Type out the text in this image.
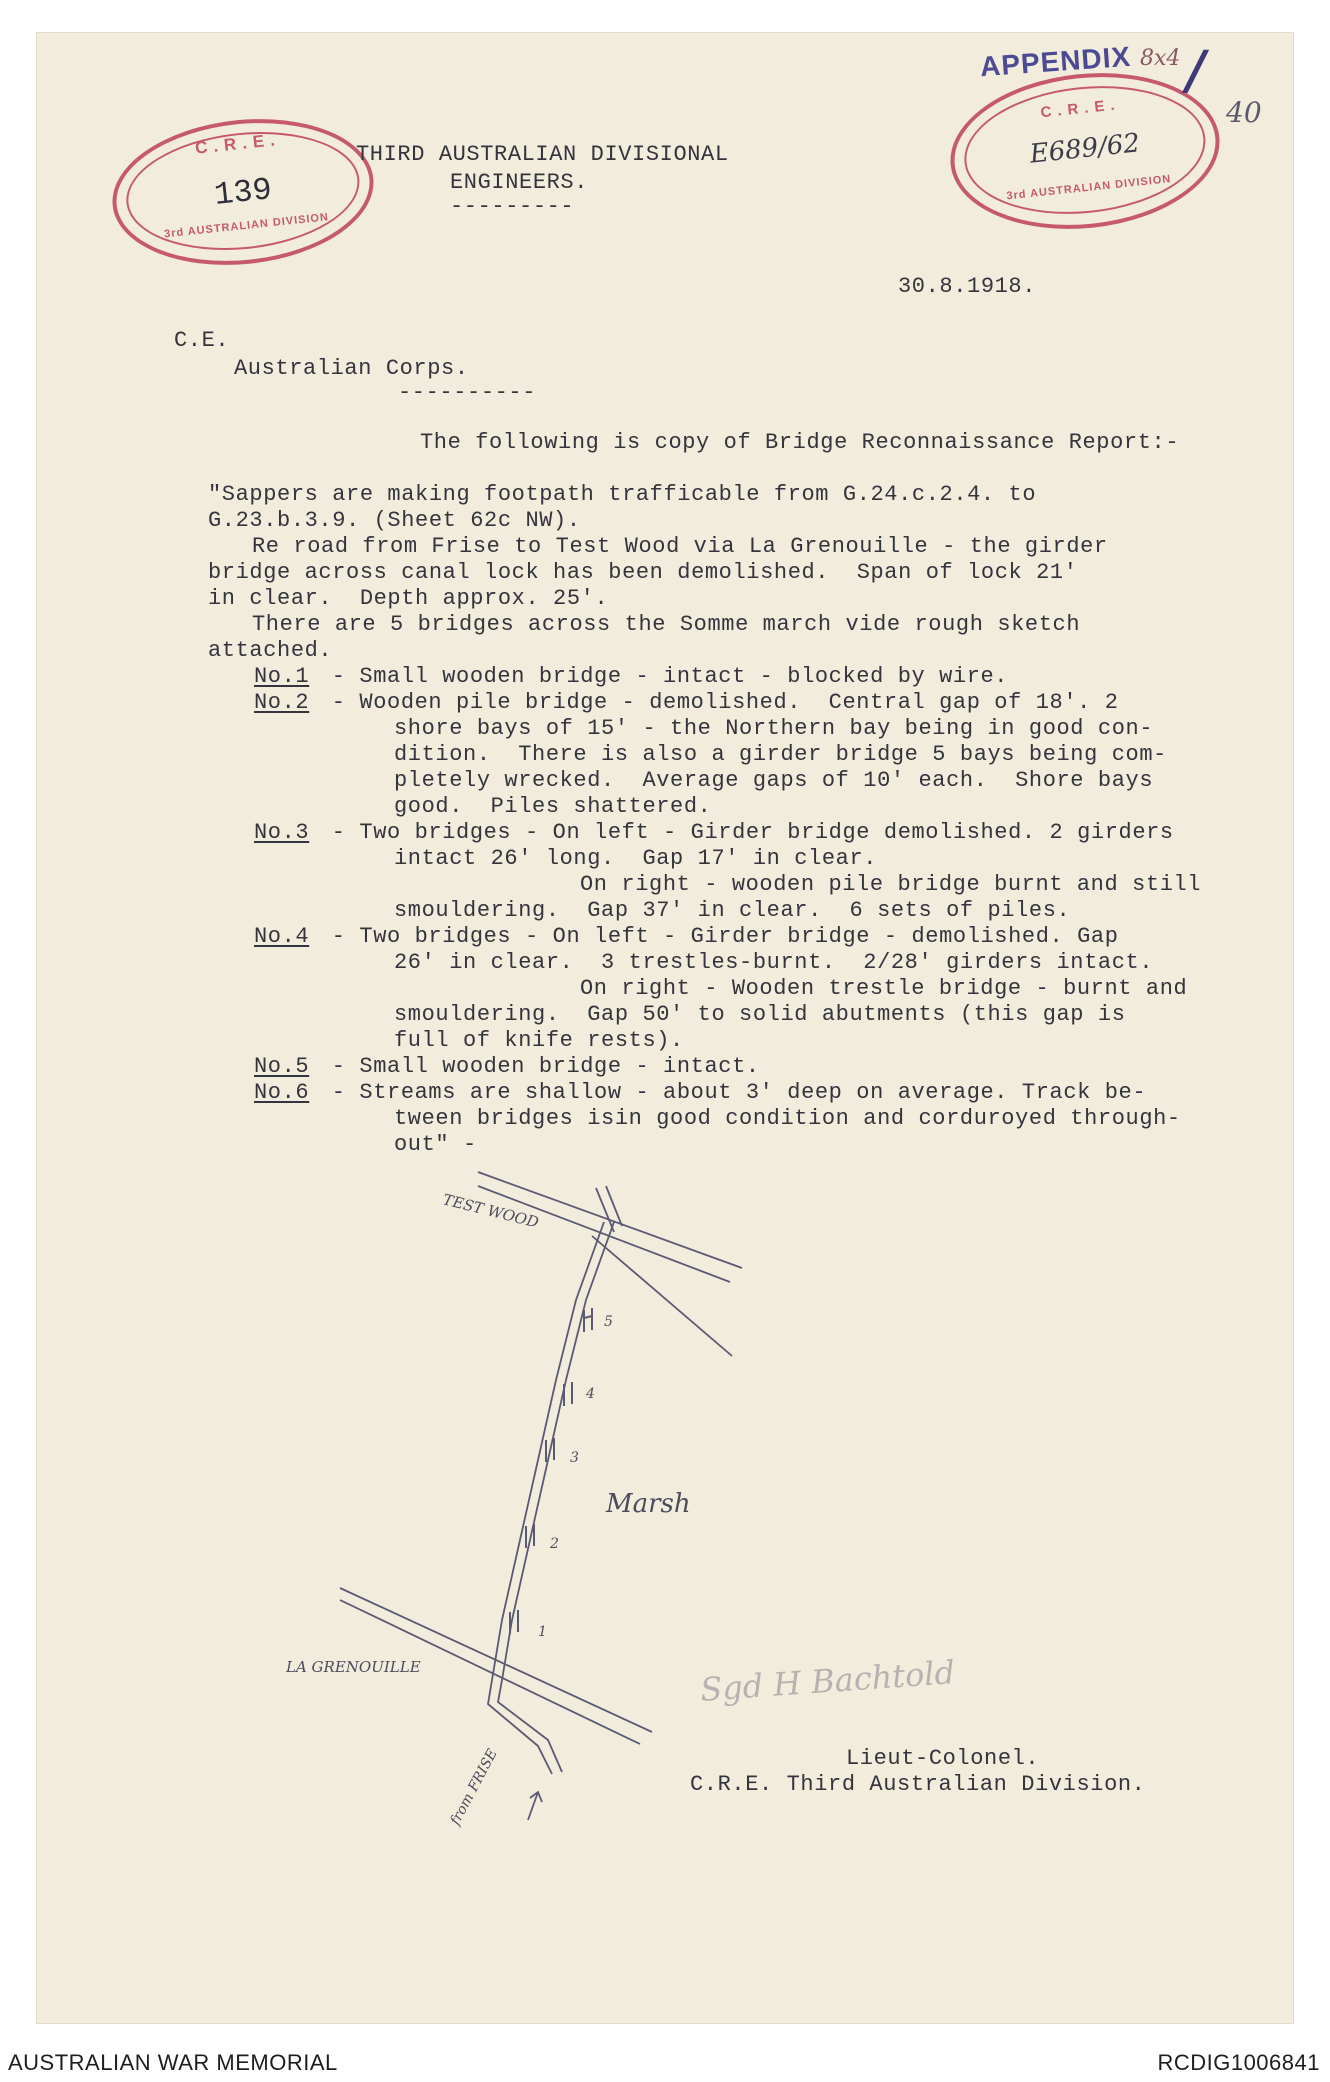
C.R.E.
139
3rd AUSTRALIAN DIVISION
C.R.E.
E689/62
3rd AUSTRALIAN DIVISION
APPENDIX 8x4 /
40
THIRD AUSTRALIAN DIVISIONAL
ENGINEERS.
---------
30.8.1918.
C.E.
Australian Corps.
----------
The following is copy of Bridge Reconnaissance Report:-
"Sappers are making footpath trafficable from G.24.c.2.4. to
G.23.b.3.9. (Sheet 62c NW).
Re road from Frise to Test Wood via La Grenouille - the girder
bridge across canal lock has been demolished.  Span of lock 21'
in clear.  Depth approx. 25'.
There are 5 bridges across the Somme march vide rough sketch
attached.
No.1 - Small wooden bridge - intact - blocked by wire.
No.2 - Wooden pile bridge - demolished.  Central gap of 18'. 2
shore bays of 15' - the Northern bay being in good con-
dition.  There is also a girder bridge 5 bays being com-
pletely wrecked.  Average gaps of 10' each.  Shore bays
good.  Piles shattered.
No.3 - Two bridges - On left - Girder bridge demolished. 2 girders
intact 26' long.  Gap 17' in clear.
On right - wooden pile bridge burnt and still
smouldering.  Gap 37' in clear.  6 sets of piles.
No.4 - Two bridges - On left - Girder bridge - demolished. Gap
26' in clear.  3 trestles-burnt.  2/28' girders intact.
On right - Wooden trestle bridge - burnt and
smouldering.  Gap 50' to solid abutments (this gap is
full of knife rests).
No.5 - Small wooden bridge - intact.
No.6 - Streams are shallow - about 3' deep on average. Track be-
tween bridges isin good condition and corduroyed through-
out" -
TEST WOOD
Marsh
LA GRENOUILLE
from FRISE
1
2
3
4
5
Sgd H Bachtold
Lieut-Colonel.
C.R.E. Third Australian Division.
AUSTRALIAN WAR MEMORIAL	RCDIG1006841
